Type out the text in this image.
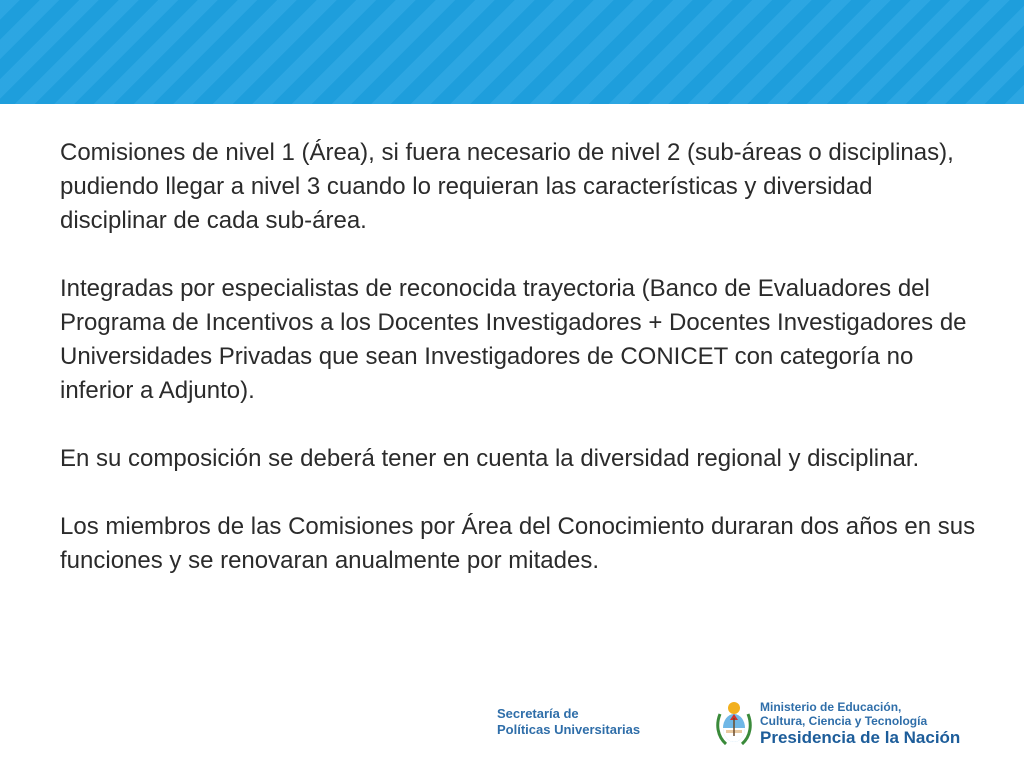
Comisiones de nivel 1 (Área), si fuera necesario de nivel 2 (sub-áreas o disciplinas), pudiendo llegar a nivel 3 cuando lo requieran las características y diversidad disciplinar de cada sub-área.

Integradas por especialistas de reconocida trayectoria (Banco de Evaluadores del Programa de Incentivos a los Docentes Investigadores + Docentes Investigadores de Universidades Privadas que sean Investigadores de CONICET con categoría no inferior a Adjunto).

En su composición se deberá tener en cuenta la diversidad regional y disciplinar.

Los miembros de las Comisiones por Área del Conocimiento duraran dos años en sus funciones y se renovaran anualmente por mitades.

Secretaría de
Políticas Universitarias
Ministerio de Educación,
Cultura, Ciencia y Tecnología
Presidencia de la Nación
